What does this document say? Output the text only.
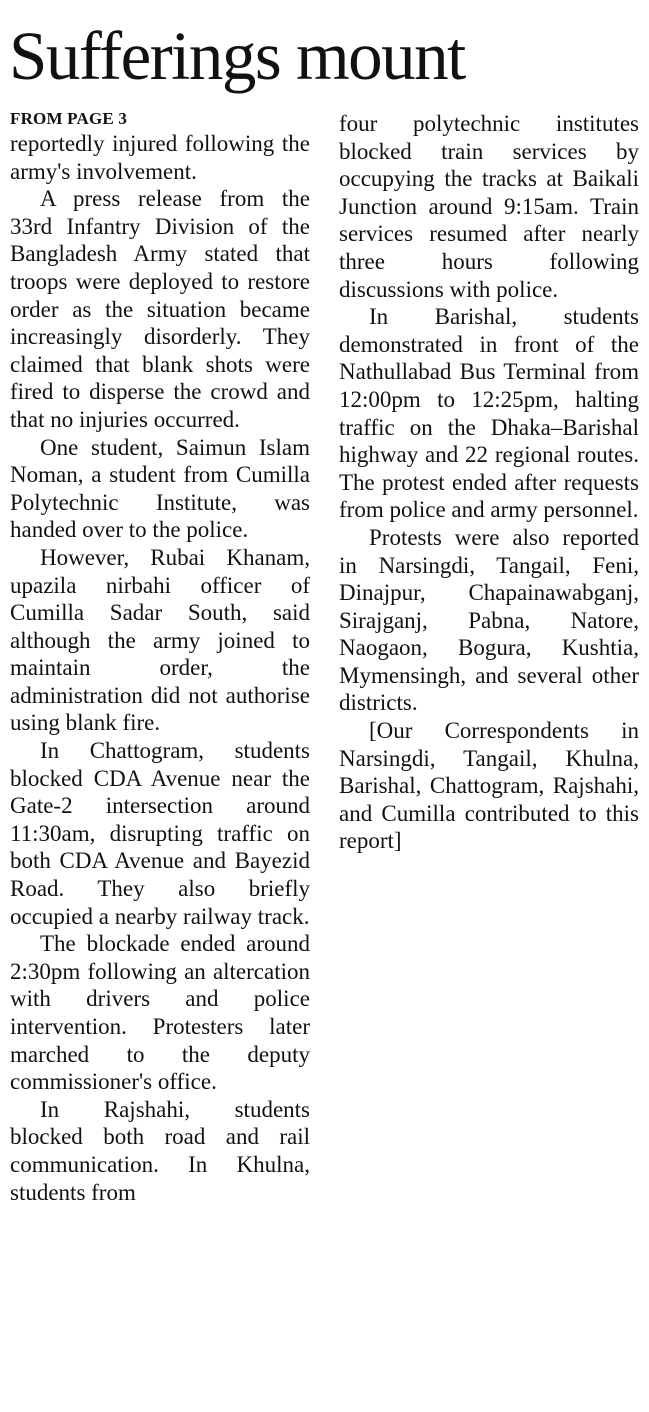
Sufferings mount
FROM PAGE 3

reportedly injured following the army's involvement.

A press release from the 33rd Infantry Division of the Bangladesh Army stated that troops were deployed to restore order as the situation became increasingly disorderly. They claimed that blank shots were fired to disperse the crowd and that no injuries occurred.

One student, Saimun Islam Noman, a student from Cumilla Polytechnic Institute, was handed over to the police.

However, Rubai Khanam, upazila nirbahi officer of Cumilla Sadar South, said although the army joined to maintain order, the administration did not authorise using blank fire.

In Chattogram, students blocked CDA Avenue near the Gate-2 intersection around 11:30am, disrupting traffic on both CDA Avenue and Bayezid Road. They also briefly occupied a nearby railway track.

The blockade ended around 2:30pm following an altercation with drivers and police intervention. Protesters later marched to the deputy commissioner's office.

In Rajshahi, students blocked both road and rail communication. In Khulna, students from

four polytechnic institutes blocked train services by occupying the tracks at Baikali Junction around 9:15am. Train services resumed after nearly three hours following discussions with police.

In Barishal, students demonstrated in front of the Nathullabad Bus Terminal from 12:00pm to 12:25pm, halting traffic on the Dhaka–Barishal highway and 22 regional routes. The protest ended after requests from police and army personnel.

Protests were also reported in Narsingdi, Tangail, Feni, Dinajpur, Chapainawabganj, Sirajganj, Pabna, Natore, Naogaon, Bogura, Kushtia, Mymensingh, and several other districts.

[Our Correspondents in Narsingdi, Tangail, Khulna, Barishal, Chattogram, Rajshahi, and Cumilla contributed to this report]
